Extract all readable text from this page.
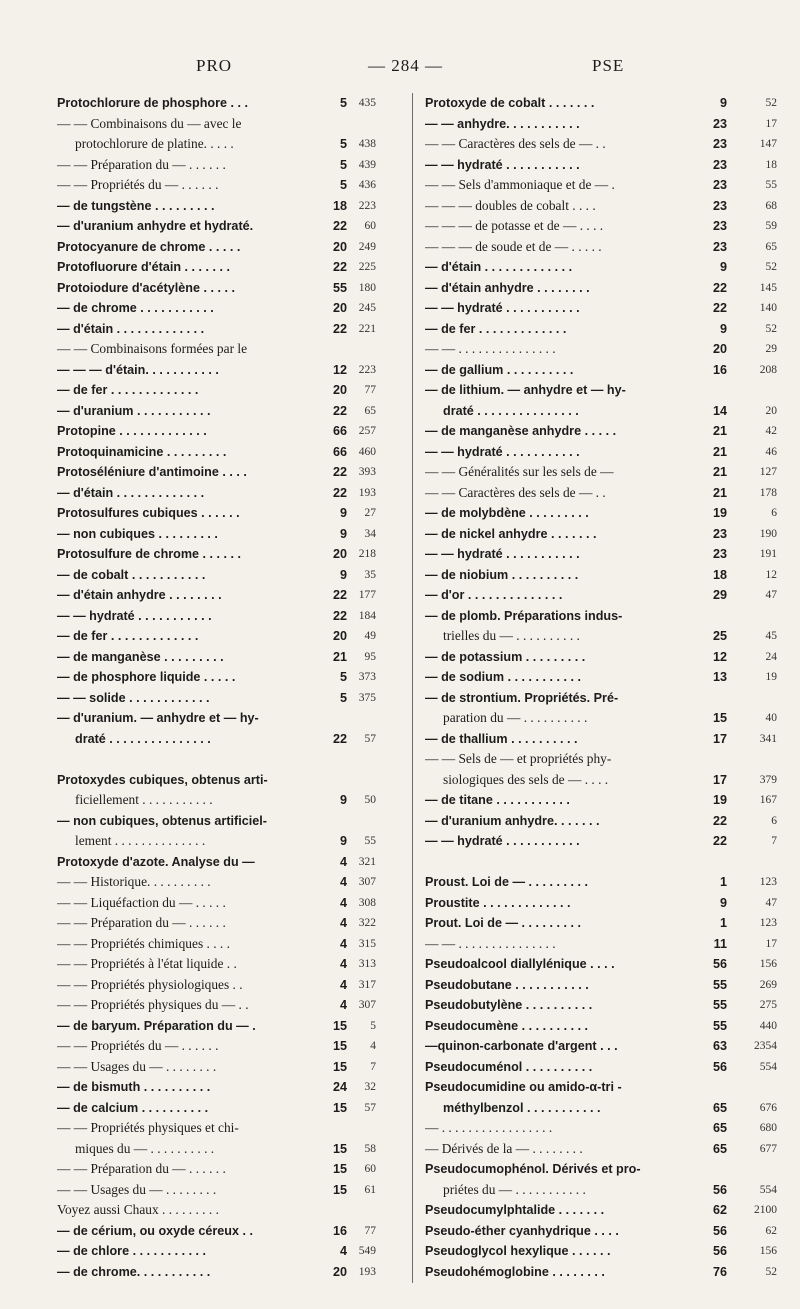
PRO	— 284 —	PSE
Protochlorure de phosphore . . .	5	435
— — Combinaisons du — avec le
protochlorure de platine. . . . .	5	438
— — Préparation du — . . . . . .	5	439
— — Propriétés du — . . . . . .	5	436
— de tungstène . . . . . . . . .	18	223
— d'uranium anhydre et hydraté.	22	60
Protocyanure de chrome . . . . .	20	249
Protofluorure d'étain . . . . . . .	22	225
Protoiodure d'acétylène . . . . .	55	180
— de chrome . . . . . . . . . . .	20	245
— d'étain . . . . . . . . . . . . .	22	221
— — Combinaisons formées par le
— — — d'étain. . . . . . . . . . .	12	223
— de fer . . . . . . . . . . . . .	20	77
— d'uranium . . . . . . . . . . .	22	65
Protopine . . . . . . . . . . . . .	66	257
Protoquinamicine . . . . . . . . .	66	460
Protoséléniure d'antimoine . . . .	22	393
— d'étain . . . . . . . . . . . . .	22	193
Protosulfures cubiques . . . . . .	9	27
— non cubiques . . . . . . . . .	9	34
Protosulfure de chrome . . . . . .	20	218
— de cobalt . . . . . . . . . . .	9	35
— d'étain anhydre . . . . . . . .	22	177
— — hydraté . . . . . . . . . . .	22	184
— de fer . . . . . . . . . . . . .	20	49
— de manganèse . . . . . . . . .	21	95
— de phosphore liquide . . . . .	5	373
— — solide . . . . . . . . . . . .	5	375
— d'uranium. — anhydre et — hy-
draté . . . . . . . . . . . . . . .	22	57
Protoxydes cubiques, obtenus arti-
ficiellement . . . . . . . . . . .	9	50
— non cubiques, obtenus artificiel-
lement . . . . . . . . . . . . . .	9	55
Protoxyde d'azote. Analyse du —	4	321
— — Historique. . . . . . . . . .	4	307
— — Liquéfaction du — . . . . .	4	308
— — Préparation du — . . . . . .	4	322
— — Propriétés chimiques . . . .	4	315
— — Propriétés à l'état liquide . .	4	313
— — Propriétés physiologiques . .	4	317
— — Propriétés physiques du — . .	4	307
— de baryum. Préparation du — .	15	5
— — Propriétés du — . . . . . .	15	4
— — Usages du — . . . . . . . .	15	7
— de bismuth . . . . . . . . . .	24	32
— de calcium . . . . . . . . . .	15	57
— — Propriétés physiques et chi-
miques du — . . . . . . . . . .	15	58
— — Préparation du — . . . . . .	15	60
— — Usages du — . . . . . . . .	15	61
Voyez aussi Chaux . . . . . . . . .
— de cérium, ou oxyde céreux . .	16	77
— de chlore . . . . . . . . . . .	4	549
— de chrome. . . . . . . . . . .	20	193
Protoxyde de cobalt . . . . . . .	9	52
— — anhydre. . . . . . . . . . .	23	17
— — Caractères des sels de — . .	23	147
— — hydraté . . . . . . . . . . .	23	18
— — Sels d'ammoniaque et de — .	23	55
— — — doubles de cobalt . . . .	23	68
— — — de potasse et de — . . . .	23	59
— — — de soude et de — . . . . .	23	65
— d'étain . . . . . . . . . . . . .	9	52
— d'étain anhydre . . . . . . . .	22	145
— — hydraté . . . . . . . . . . .	22	140
— de fer . . . . . . . . . . . . .	9	52
— — . . . . . . . . . . . . . . .	20	29
— de gallium . . . . . . . . . .	16	208
— de lithium. — anhydre et — hy-
draté . . . . . . . . . . . . . . .	14	20
— de manganèse anhydre . . . . .	21	42
— — hydraté . . . . . . . . . . .	21	46
— — Généralités sur les sels de —	21	127
— — Caractères des sels de — . .	21	178
— de molybdène . . . . . . . . .	19	6
— de nickel anhydre . . . . . . .	23	190
— — hydraté . . . . . . . . . . .	23	191
— de niobium . . . . . . . . . .	18	12
— d'or . . . . . . . . . . . . . .	29	47
— de plomb. Préparations indus-
trielles du — . . . . . . . . . .	25	45
— de potassium . . . . . . . . .	12	24
— de sodium . . . . . . . . . . .	13	19
— de strontium. Propriétés. Pré-
paration du — . . . . . . . . . .	15	40
— de thallium . . . . . . . . . .	17	341
— — Sels de — et propriétés phy-
siologiques des sels de — . . . .	17	379
— de titane . . . . . . . . . . .	19	167
— d'uranium anhydre. . . . . . .	22	6
— — hydraté . . . . . . . . . . .	22	7
Proust. Loi de — . . . . . . . . .	1	123
Proustite . . . . . . . . . . . . .	9	47
Prout. Loi de — . . . . . . . . .	1	123
— — . . . . . . . . . . . . . . .	11	17
Pseudoalcool diallylénique . . . .	56	156
Pseudobutane . . . . . . . . . . .	55	269
Pseudobutylène . . . . . . . . . .	55	275
Pseudocumène . . . . . . . . . .	55	440
—quinon-carbonate d'argent . . .	63	2354
Pseudocuménol . . . . . . . . . .	56	554
Pseudocumidine ou amido-α-tri -
méthylbenzol . . . . . . . . . . .	65	676
— . . . . . . . . . . . . . . . . .	65	680
— Dérivés de la — . . . . . . . .	65	677
Pseudocumophénol. Dérivés et pro-
priétes du — . . . . . . . . . . .	56	554
Pseudocumylphtalide . . . . . . .	62	2100
Pseudo-éther cyanhydrique . . . .	56	62
Pseudoglycol hexylique . . . . . .	56	156
Pseudohémoglobine . . . . . . . .	76	52
